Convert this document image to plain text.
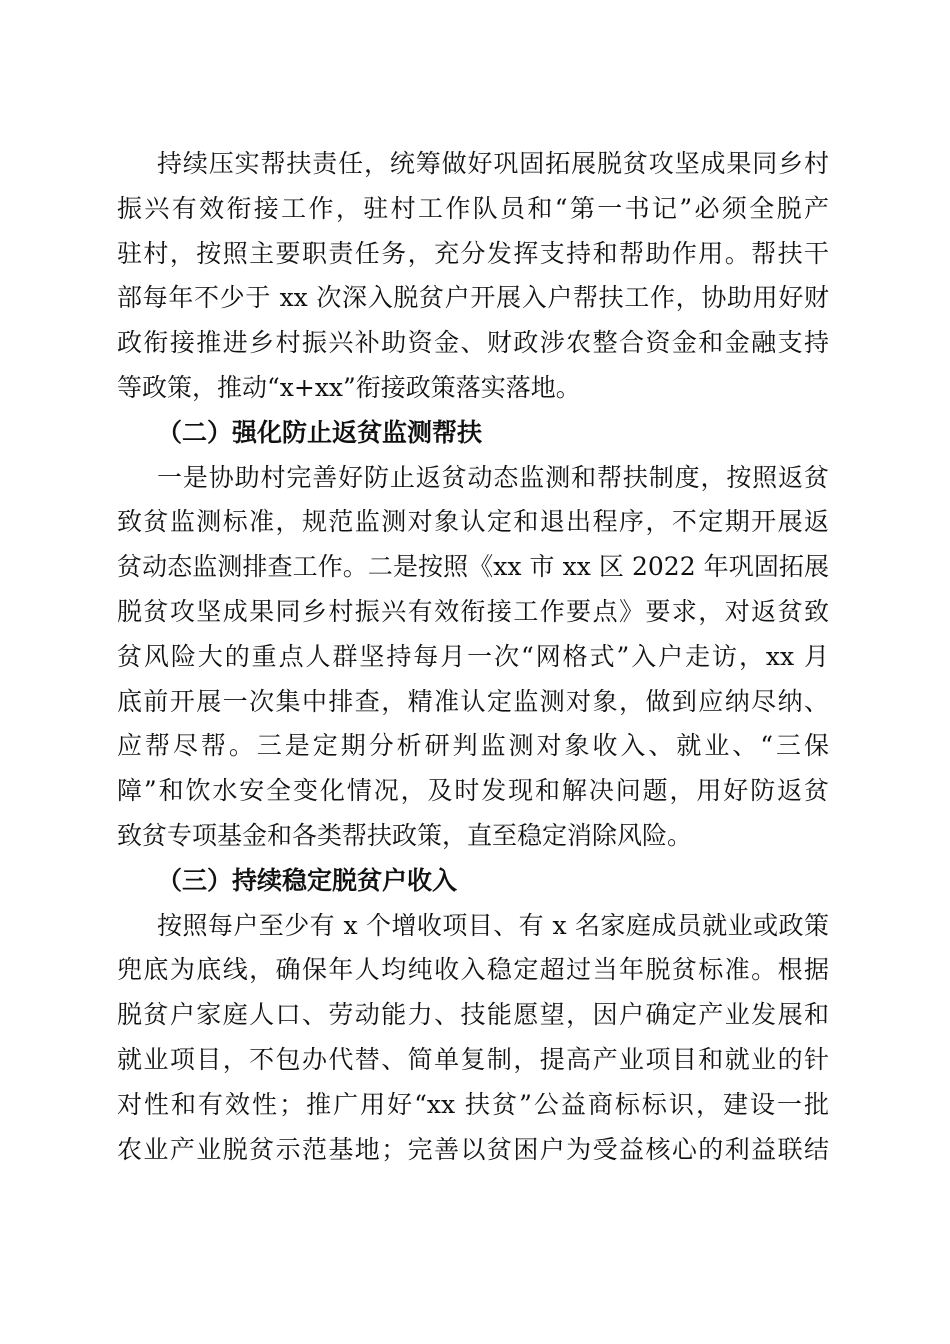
持续压实帮扶责任，统筹做好巩固拓展脱贫攻坚成果同乡村
振兴有效衔接工作，驻村工作队员和“第一书记”必须全脱产
驻村，按照主要职责任务，充分发挥支持和帮助作用。帮扶干
部每年不少于 xx 次深入脱贫户开展入户帮扶工作，协助用好财
政衔接推进乡村振兴补助资金、财政涉农整合资金和金融支持
等政策，推动“x+xx”衔接政策落实落地。
（二）强化防止返贫监测帮扶
一是协助村完善好防止返贫动态监测和帮扶制度，按照返贫
致贫监测标准，规范监测对象认定和退出程序，不定期开展返
贫动态监测排查工作。二是按照《xx 市 xx 区 2022 年巩固拓展
脱贫攻坚成果同乡村振兴有效衔接工作要点》要求，对返贫致
贫风险大的重点人群坚持每月一次“网格式”入户走访，xx 月
底前开展一次集中排查，精准认定监测对象，做到应纳尽纳、
应帮尽帮。三是定期分析研判监测对象收入、就业、“三保
障”和饮水安全变化情况，及时发现和解决问题，用好防返贫
致贫专项基金和各类帮扶政策，直至稳定消除风险。
（三）持续稳定脱贫户收入
按照每户至少有 x 个增收项目、有 x 名家庭成员就业或政策
兜底为底线，确保年人均纯收入稳定超过当年脱贫标准。根据
脱贫户家庭人口、劳动能力、技能愿望，因户确定产业发展和
就业项目，不包办代替、简单复制，提高产业项目和就业的针
对性和有效性；推广用好“xx 扶贫”公益商标标识，建设一批
农业产业脱贫示范基地；完善以贫困户为受益核心的利益联结
